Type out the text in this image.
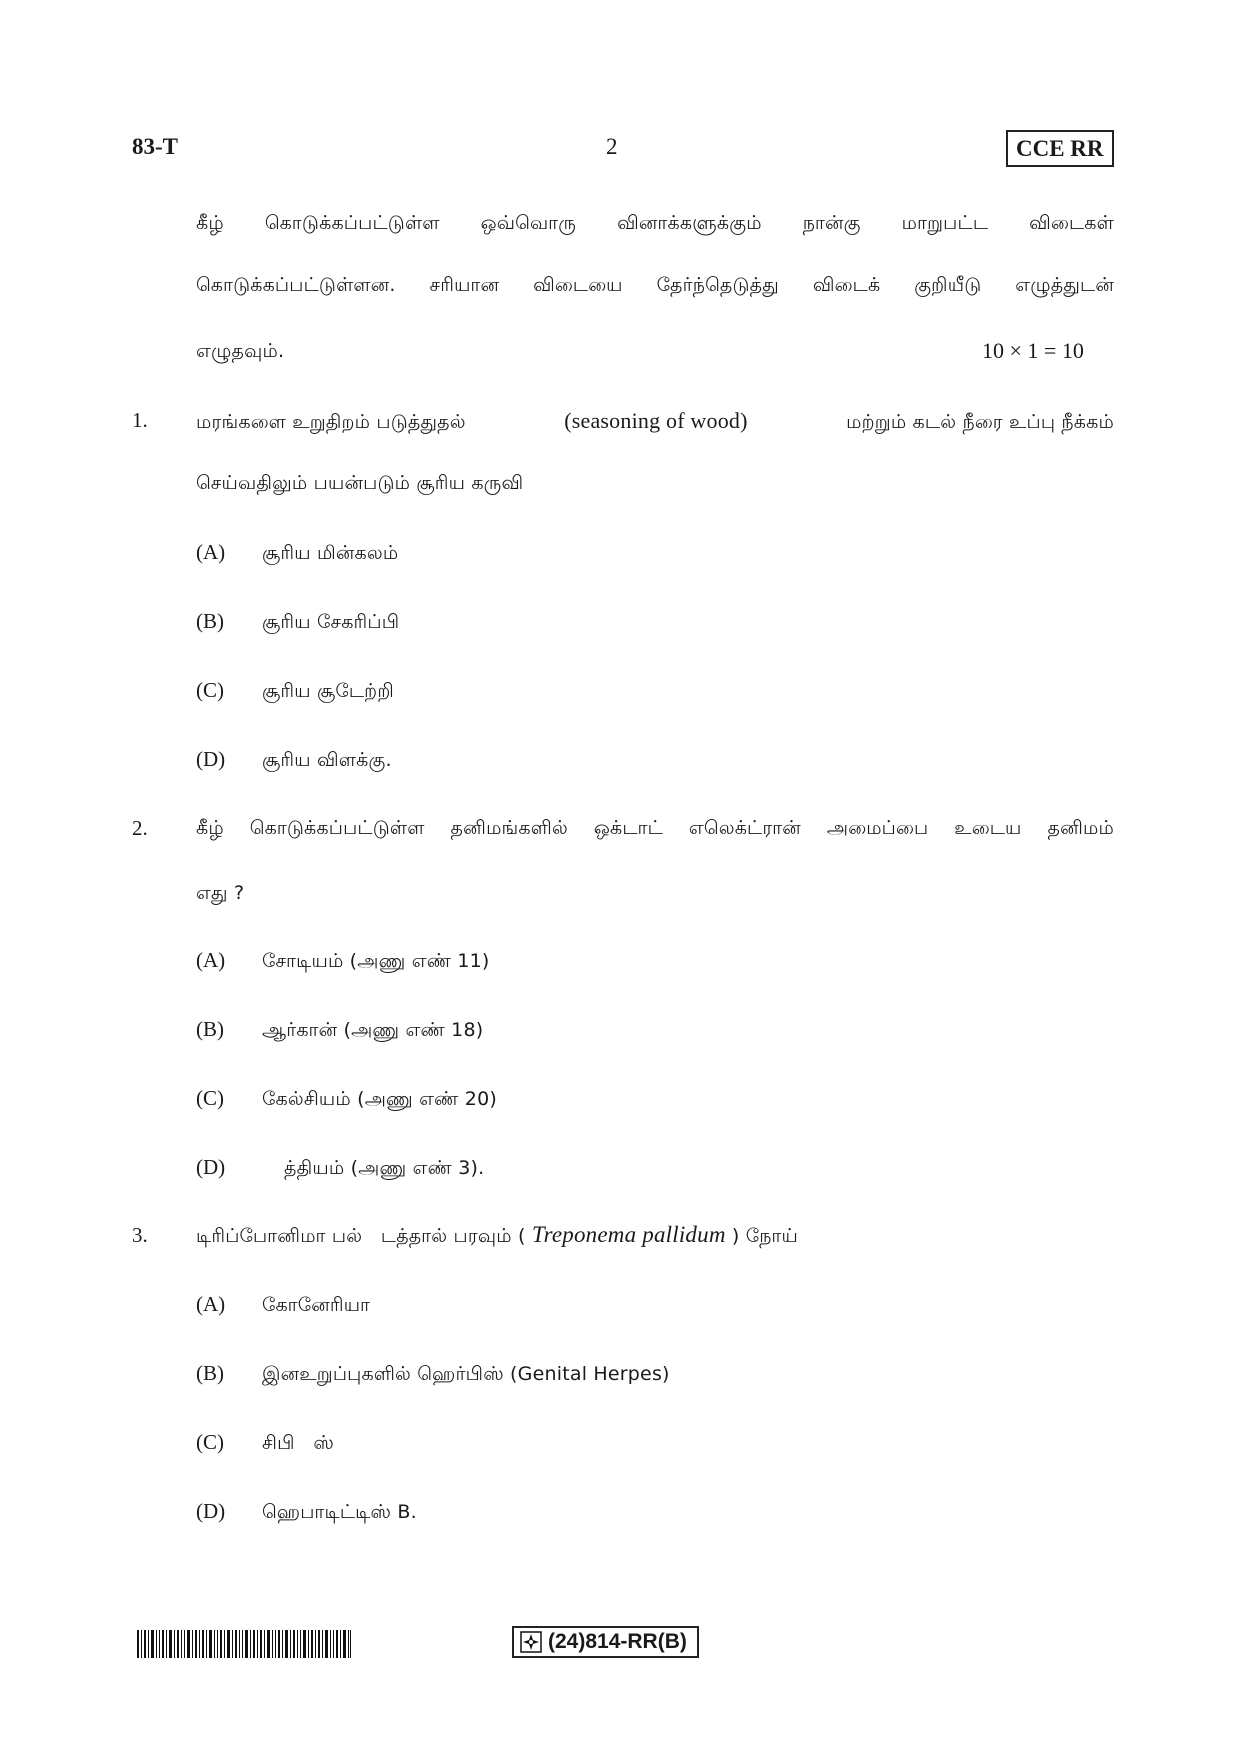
83-T	2	CCE RR
கீழ் கொடுக்கப்பட்டுள்ள ஒவ்வொரு வினாக்களுக்கும் நான்கு மாறுபட்ட விடைகள்
கொடுக்கப்பட்டுள்ளன. சரியான விடையை தேர்ந்தெடுத்து விடைக் குறியீடு எழுத்துடன்
எழுதவும்.	10 × 1 = 10
1.	மரங்களை உறுதிறம் படுத்துதல்	(seasoning of wood)	மற்றும் கடல் நீரை உப்பு நீக்கம்
செய்வதிலும் பயன்படும் சூரிய கருவி
(A) சூரிய மின்கலம்
(B) சூரிய சேகரிப்பி
(C) சூரிய சூடேற்றி
(D) சூரிய விளக்கு.
2.	கீழ் கொடுக்கப்பட்டுள்ள தனிமங்களில் ஒக்டாட் எலெக்ட்ரான் அமைப்பை உடைய தனிமம்
எது ?
(A) சோடியம் (அணு எண் 11)
(B) ஆர்கான் (அணு எண் 18)
(C) கேல்சியம் (அணு எண் 20)
(D)	த்தியம் (அணு எண் 3).
3.	டிரிப்போனிமா பல்   டத்தால் பரவும் ( Treponema pallidum ) நோய்
(A) கோனேரியா
(B) இனஉறுப்புகளில் ஹெர்பிஸ் (Genital Herpes)
(C) சிபி   ஸ்
(D) ஹெபாடிட்டிஸ் B.
(24)814-RR(B)
